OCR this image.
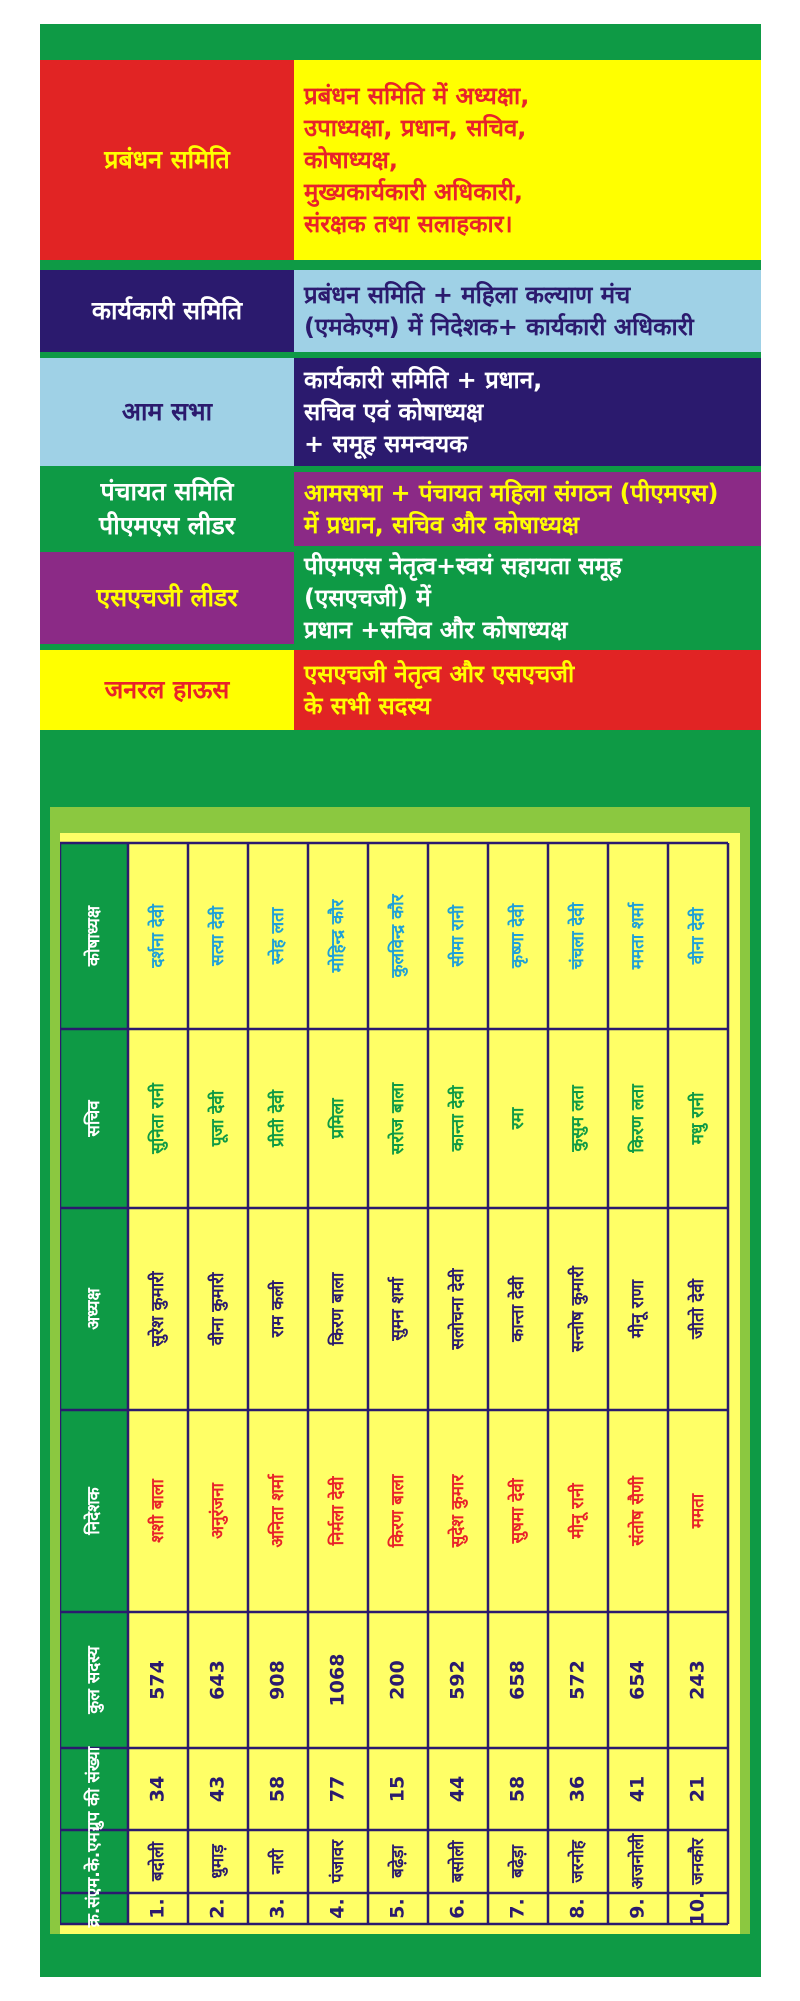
प्रबंधन समिति
प्रबंधन समिति में अध्यक्षा,
उपाध्यक्षा, प्रधान, सचिव,
कोषाध्यक्ष,
मुख्यकार्यकारी अधिकारी,
संरक्षक तथा सलाहकार।
कार्यकारी समिति
प्रबंधन समिति + महिला कल्याण मंच
(एमकेएम) में निदेशक+ कार्यकारी अधिकारी
आम सभा
कार्यकारी समिति + प्रधान,
सचिव एवं कोषाध्यक्ष
+ समूह समन्वयक
पंचायत समिति
पीएमएस लीडर
आमसभा + पंचायत महिला संगठन (पीएमएस)
में प्रधान, सचिव और कोषाध्यक्ष
एसएचजी लीडर
पीएमएस नेतृत्व+स्वयं सहायता समूह
(एसएचजी) में
प्रधान +सचिव और कोषाध्यक्ष
जनरल हाऊस
एसएचजी नेतृत्व और एसएचजी
के सभी सदस्य
कोषाध्यक्ष
सचिव
अध्यक्ष
निदेशक
कुल सदस्य
ग्रुप की संख्या
एम.के.एम.
क्र.सं.
दर्शना देवी
सुनिता रानी
सुरेश कुमारी
शशी बाला
574
34
बदोली
1.
सत्या देवी
पूजा देवी
वीना कुमारी
अनुरंजना
643
43
धुमाड़
2.
स्नेह लता
प्रीती देवी
राम कली
अनिता शर्मा
908
58
नारी
3.
मोहिन्द्र कौर
प्रमिला
किरण बाला
निर्मला देवी
1068
77
पंजावर
4.
कुलविन्द्र कौर
सरोज बाला
सुमन शर्मा
किरण बाला
200
15
बढ़ेड़ा
5.
सीमा रानी
कान्ता देवी
सलोचना देवी
सुदेश कुमार
592
44
बसोली
6.
कृष्णा देवी
रमा
कान्ता देवी
सुषमा देवी
658
58
बढेड़ा
7.
चंचला देवी
कुसुम लता
सन्तोष कुमारी
मीनू रानी
572
36
जरनोह
8.
ममता शर्मा
किरण लता
मीनू राणा
संतोष सैणी
654
41
अजनोली
9.
वीना देवी
मधु रानी
जीतो देवी
ममता
243
21
जनकौर
10.
